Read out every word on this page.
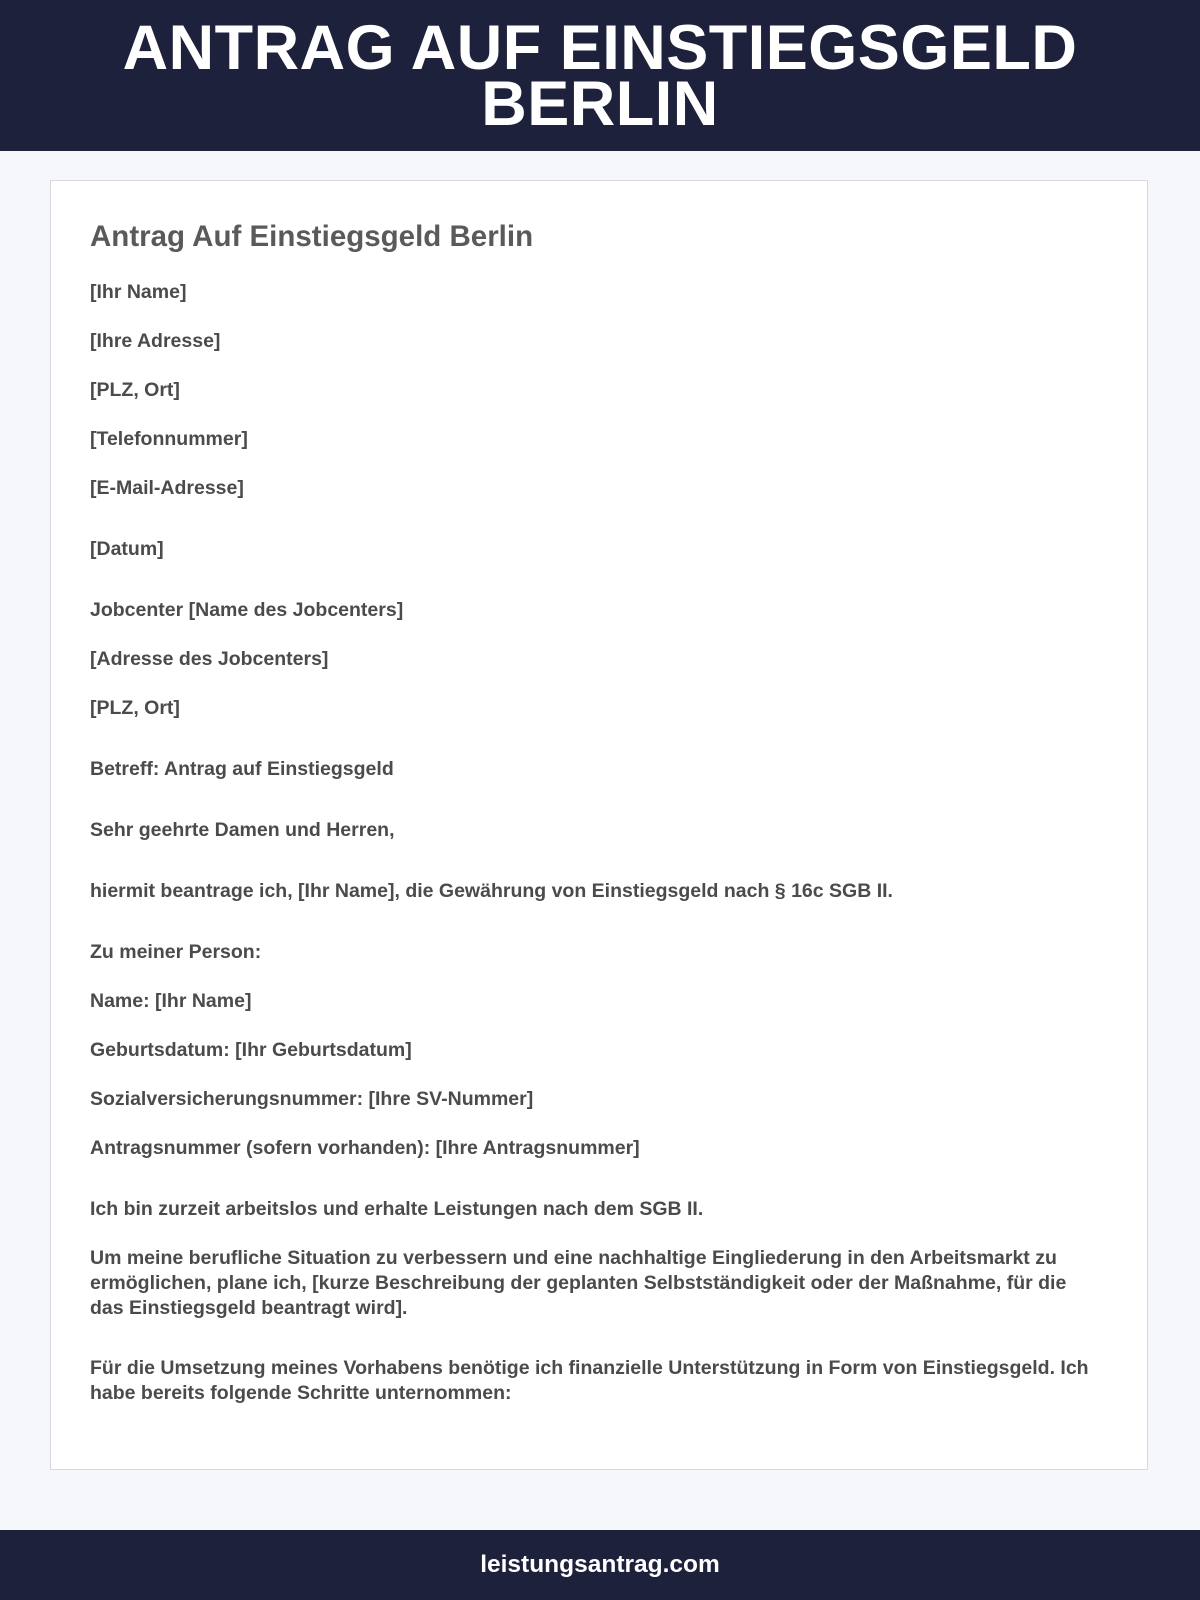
ANTRAG AUF EINSTIEGSGELD BERLIN
Antrag Auf Einstiegsgeld Berlin

[Ihr Name]

[Ihre Adresse]

[PLZ, Ort]

[Telefonnummer]

[E-Mail-Adresse]

[Datum]

Jobcenter [Name des Jobcenters]

[Adresse des Jobcenters]

[PLZ, Ort]

Betreff: Antrag auf Einstiegsgeld

Sehr geehrte Damen und Herren,

hiermit beantrage ich, [Ihr Name], die Gewährung von Einstiegsgeld nach § 16c SGB II.

Zu meiner Person:

Name: [Ihr Name]

Geburtsdatum: [Ihr Geburtsdatum]

Sozialversicherungsnummer: [Ihre SV-Nummer]

Antragsnummer (sofern vorhanden): [Ihre Antragsnummer]

Ich bin zurzeit arbeitslos und erhalte Leistungen nach dem SGB II.

Um meine berufliche Situation zu verbessern und eine nachhaltige Eingliederung in den Arbeitsmarkt zu ermöglichen, plane ich, [kurze Beschreibung der geplanten Selbstständigkeit oder der Maßnahme, für die das Einstiegsgeld beantragt wird].

Für die Umsetzung meines Vorhabens benötige ich finanzielle Unterstützung in Form von Einstiegsgeld. Ich habe bereits folgende Schritte unternommen:

leistungsantrag.com
